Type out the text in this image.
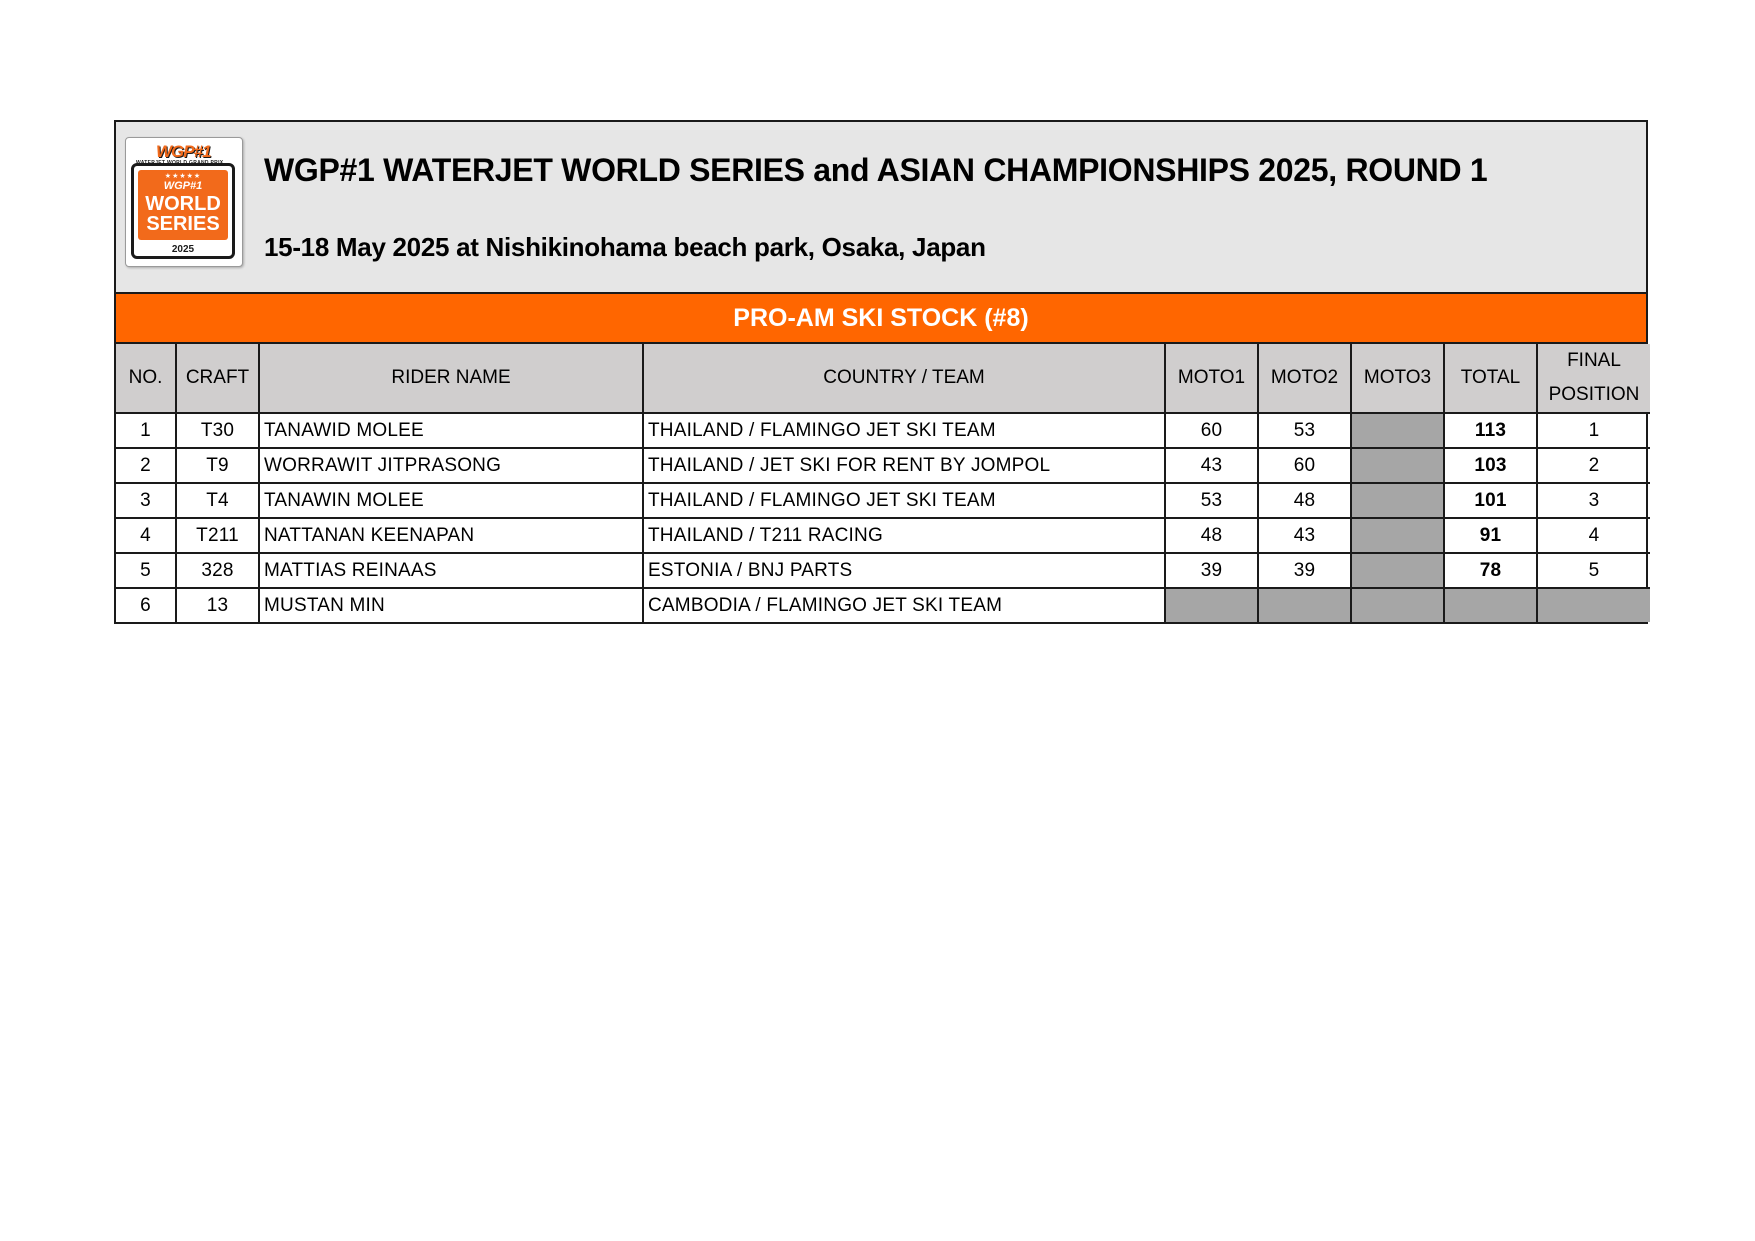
WGP#1
★★★★★
WGP#1
WORLD
SERIES
2025
WGP#1 WATERJET WORLD SERIES and ASIAN CHAMPIONSHIPS 2025, ROUND 1
15-18 May 2025 at Nishikinohama beach park, Osaka, Japan
PRO-AM SKI STOCK (#8)
NO.	CRAFT	RIDER NAME	COUNTRY / TEAM	MOTO1	MOTO2	MOTO3	TOTAL	FINAL
POSITION

1	T30	TANAWID MOLEE	THAILAND / FLAMINGO JET SKI TEAM	60	53		113	1
2	T9	WORRAWIT JITPRASONG	THAILAND / JET SKI FOR RENT BY JOMPOL	43	60		103	2
3	T4	TANAWIN MOLEE	THAILAND / FLAMINGO JET SKI TEAM	53	48		101	3
4	T211	NATTANAN KEENAPAN	THAILAND / T211 RACING	48	43		91	4
5	328	MATTIAS REINAAS	ESTONIA / BNJ PARTS	39	39		78	5
6	13	MUSTAN MIN	CAMBODIA / FLAMINGO JET SKI TEAM					
